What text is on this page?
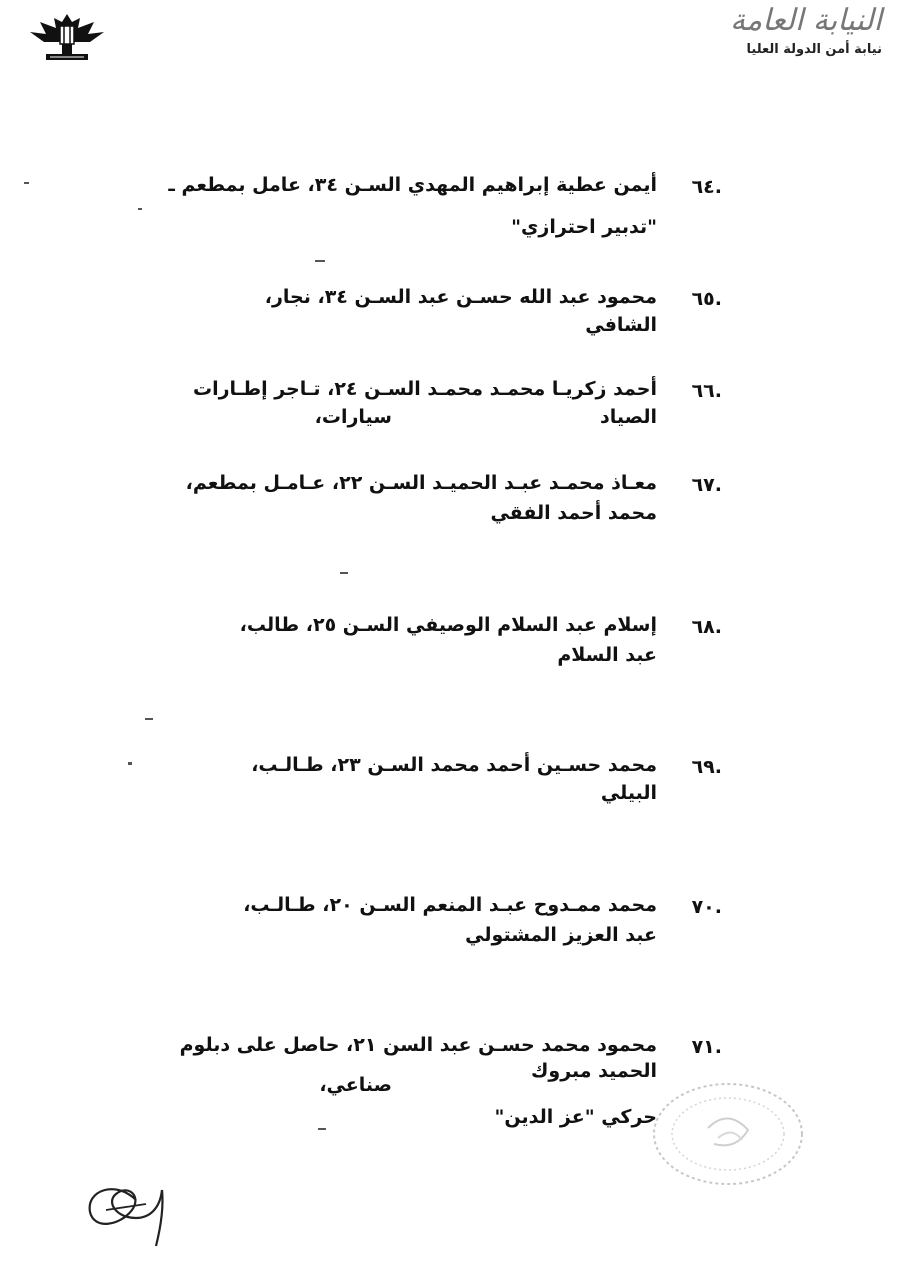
النيابة العامة
نيابة أمن الدولة العليا
.٦٤
أيمن عطية إبراهيم المهدي السـن ٣٤، عامل بمطعم ـ
"تدبير احترازي"
.٦٥
محمود عبد الله حسـن عبد السـن ٣٤، نجار،
الشافي
.٦٦
أحمد زكريـا محمـد محمـد السـن ٢٤، تـاجر إطـارات
الصياد
سيارات،
.٦٧
معـاذ محمـد عبـد الحميـد السـن ٢٢، عـامـل بمطعم،
محمد أحمد الفقي
.٦٨
إسلام عبد السلام الوصيفي السـن ٢٥، طالب،
عبد السلام
.٦٩
محمد حسـين أحمد محمد السـن ٢٣، طـالـب،
البيلي
.٧٠
محمد ممـدوح عبـد المنعم السـن ٢٠، طـالـب،
عبد العزيز المشتولي
.٧١
محمود محمد حسـن عبد السن ٢١، حاصل على دبلوم
الحميد مبروك
صناعي،
حركي "عز الدين"
